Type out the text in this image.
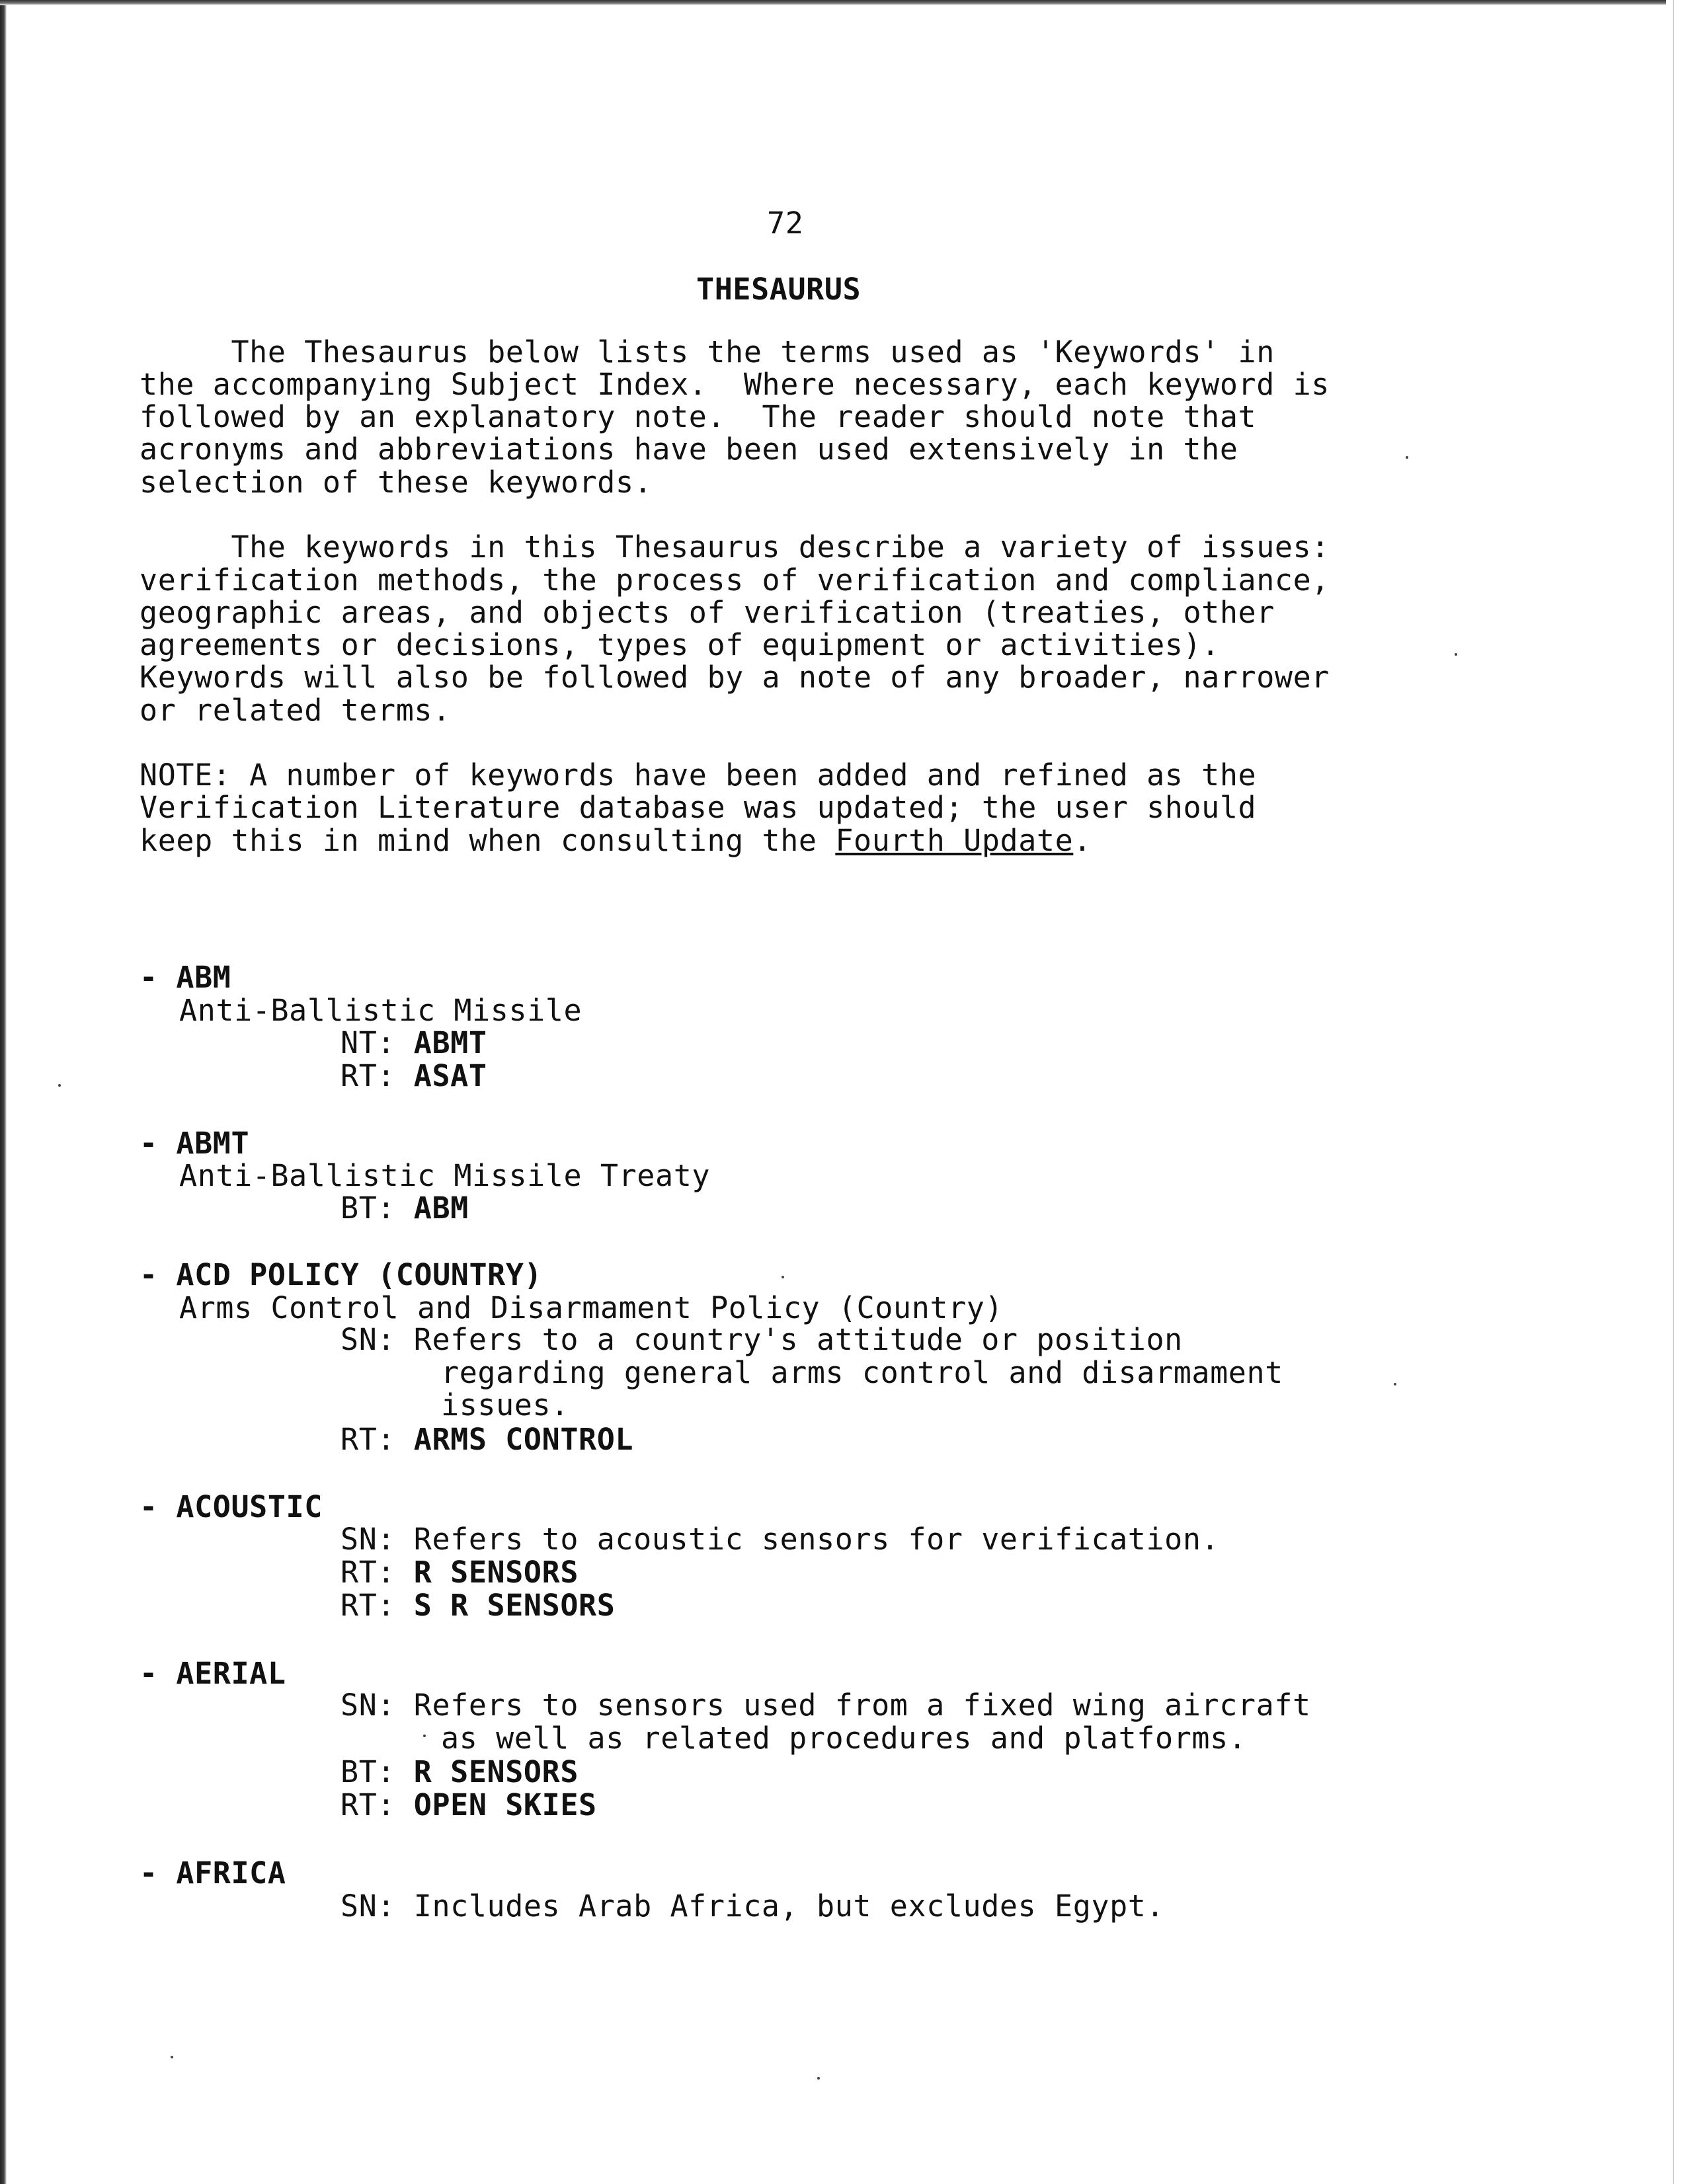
72
THESAURUS
The Thesaurus below lists the terms used as 'Keywords' in
the accompanying Subject Index.  Where necessary, each keyword is
followed by an explanatory note.  The reader should note that
acronyms and abbreviations have been used extensively in the
selection of these keywords.
The keywords in this Thesaurus describe a variety of issues:
verification methods, the process of verification and compliance,
geographic areas, and objects of verification (treaties, other
agreements or decisions, types of equipment or activities).
Keywords will also be followed by a note of any broader, narrower
or related terms.
NOTE: A number of keywords have been added and refined as the
Verification Literature database was updated; the user should
keep this in mind when consulting the Fourth Update.
- ABM
Anti-Ballistic Missile
NT: ABMT
RT: ASAT
- ABMT
Anti-Ballistic Missile Treaty
BT: ABM
- ACD POLICY (COUNTRY)
Arms Control and Disarmament Policy (Country)
SN: Refers to a country's attitude or position
regarding general arms control and disarmament
issues.
RT: ARMS CONTROL
- ACOUSTIC
SN: Refers to acoustic sensors for verification.
RT: R SENSORS
RT: S R SENSORS
- AERIAL
SN: Refers to sensors used from a fixed wing aircraft
as well as related procedures and platforms.
BT: R SENSORS
RT: OPEN SKIES
- AFRICA
SN: Includes Arab Africa, but excludes Egypt.
